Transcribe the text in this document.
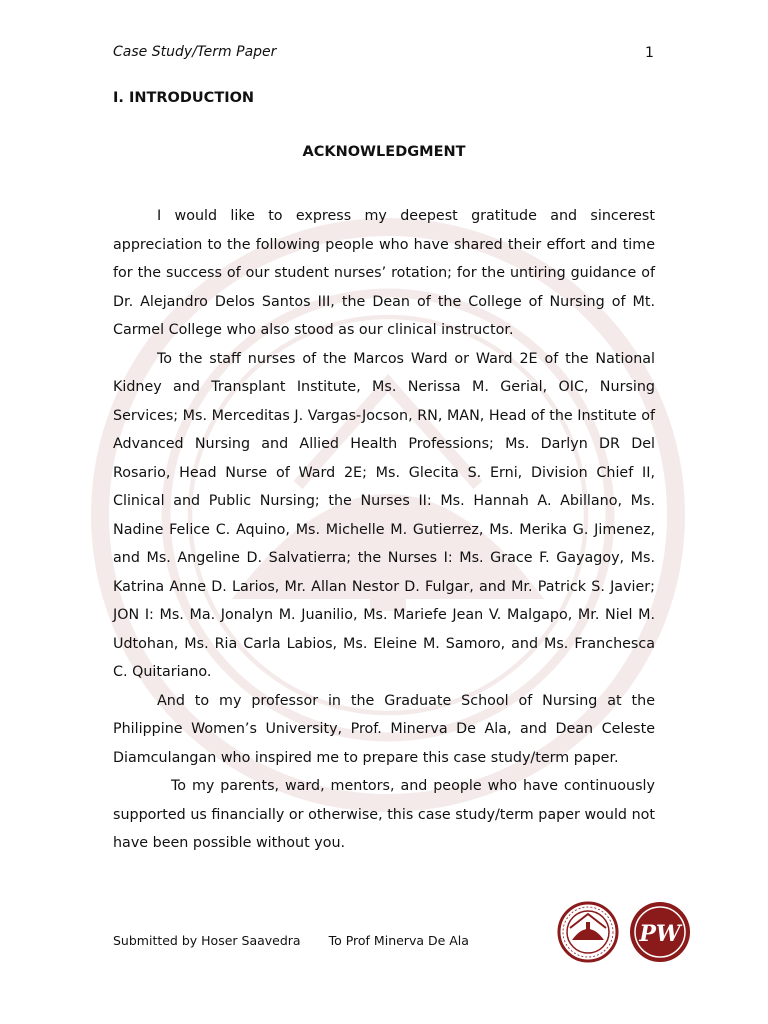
Case Study/Term Paper	1
I. INTRODUCTION
ACKNOWLEDGMENT

I would like to express my deepest gratitude and sincerest appreciation to the following people who have shared their effort and time for the success of our student nurses’ rotation; for the untiring guidance of Dr. Alejandro Delos Santos III, the Dean of the College of Nursing of Mt. Carmel College who also stood as our clinical instructor.

To the staff nurses of the Marcos Ward or Ward 2E of the National Kidney and Transplant Institute, Ms. Nerissa M. Gerial, OIC, Nursing Services; Ms. Merceditas J. Vargas-Jocson, RN, MAN, Head of the Institute of Advanced Nursing and Allied Health Professions; Ms. Darlyn DR Del Rosario, Head Nurse of Ward 2E; Ms. Glecita S. Erni, Division Chief II, Clinical and Public Nursing; the Nurses II: Ms. Hannah A. Abillano, Ms. Nadine Felice C. Aquino, Ms. Michelle M. Gutierrez, Ms. Merika G. Jimenez, and Ms. Angeline D. Salvatierra; the Nurses I: Ms. Grace F. Gayagoy, Ms. Katrina Anne D. Larios, Mr. Allan Nestor D. Fulgar, and Mr. Patrick S. Javier; JON I: Ms. Ma. Jonalyn M. Juanilio, Ms. Mariefe Jean V. Malgapo, Mr. Niel M. Udtohan, Ms. Ria Carla Labios, Ms. Eleine M. Samoro, and Ms. Franchesca C. Quitariano.

And to my professor in the Graduate School of Nursing at the Philippine Women’s University, Prof. Minerva De Ala, and Dean Celeste Diamculangan who inspired me to prepare this case study/term paper.

To my parents, ward, mentors, and people who have continuously supported us financially or otherwise, this case study/term paper would not have been possible without you.

Submitted by Hoser Saavedra To Prof Minerva De Ala	PW
